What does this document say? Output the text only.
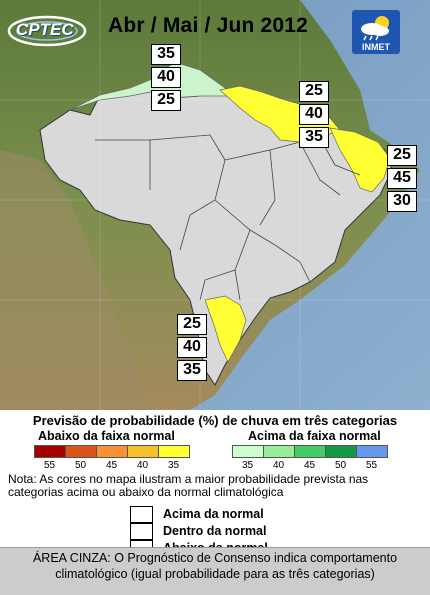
CPTEC Abr / Mai / Jun 2012
INMET
35
40
25
25
40
35
25
45
30
25
40
35
Previsão de probabilidade (%) de chuva em três categorias
Abaixo da faixa normal	Acima da faixa normal
55	50	45	40	35	35	40	45	50	55
Nota: As cores no mapa ilustram a maior probabilidade prevista nas categorias acima ou abaixo da normal climatológica
Acima da normal
Dentro da normal
ÁREA CINZA: O Prognóstico de Consenso indica comportamento climatológico (igual probabilidade para as três categorias)
